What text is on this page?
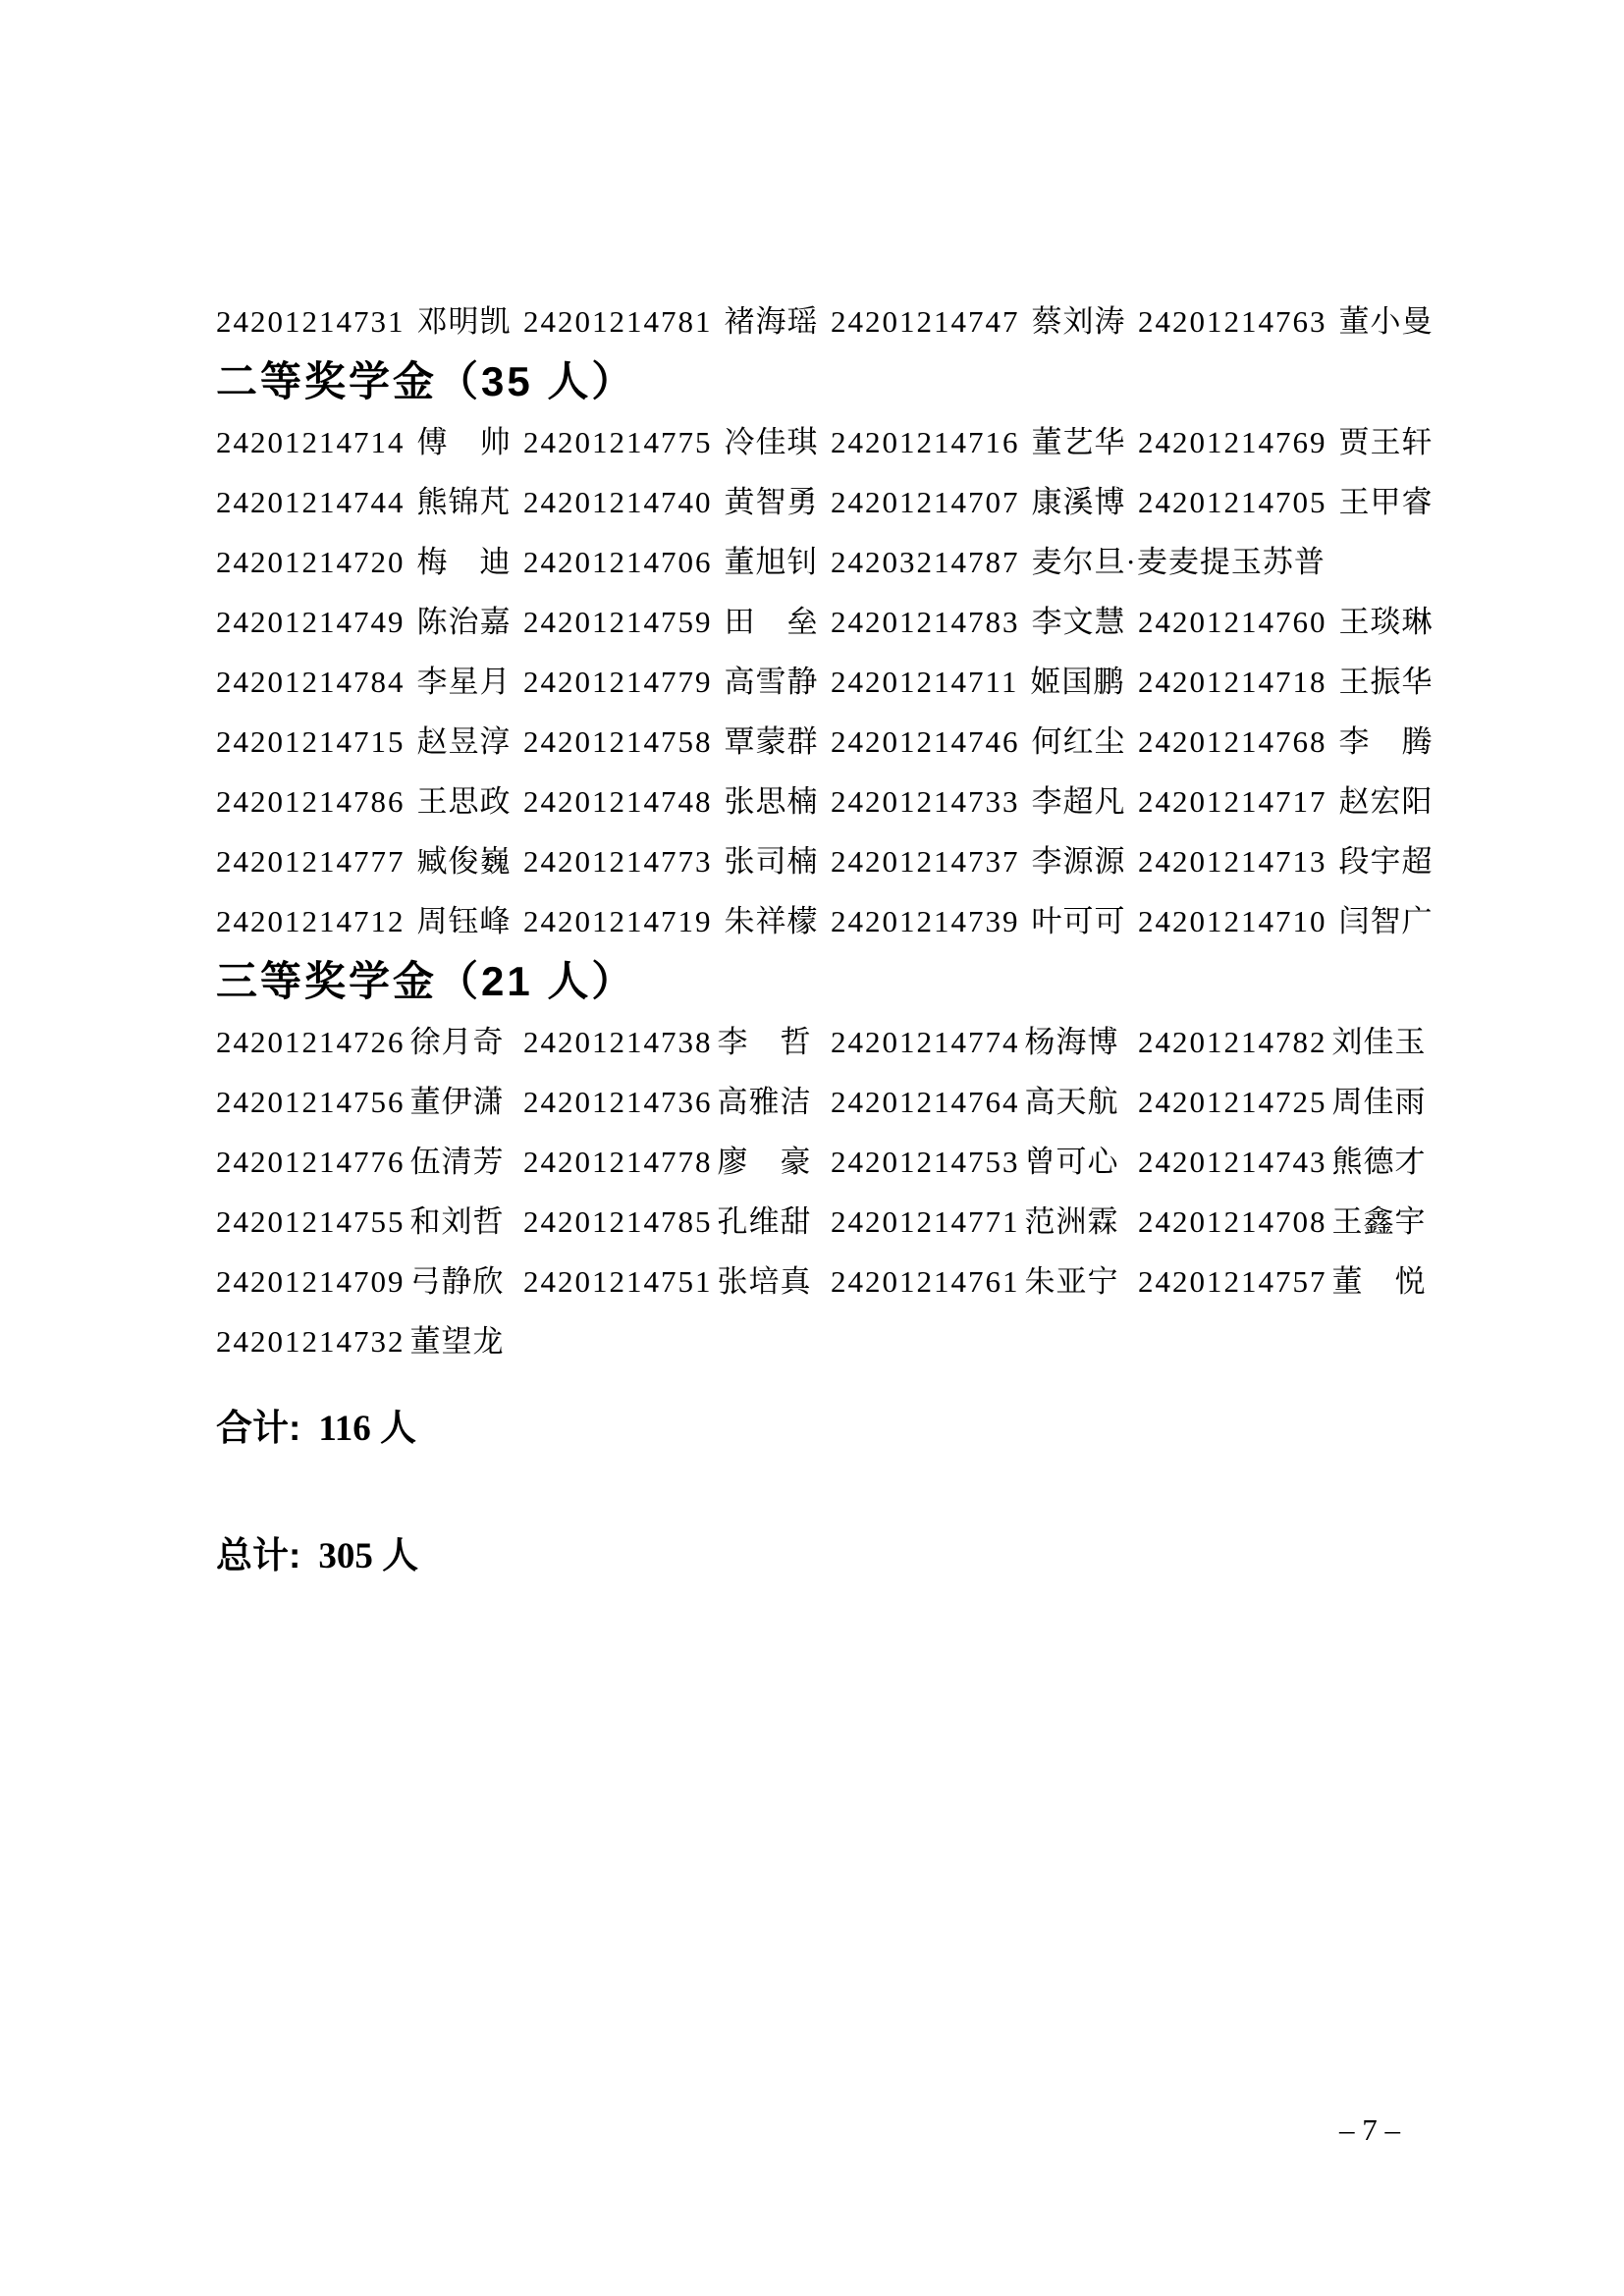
24201214731 邓明凯 24201214781 褚海瑶 24201214747 蔡刘涛 24201214763 董小曼
二等奖学金（35 人）
24201214714 傅　帅 24201214775 冷佳琪 24201214716 董艺华 24201214769 贾王轩
24201214744 熊锦芃 24201214740 黄智勇 24201214707 康溪博 24201214705 王甲睿
24201214720 梅　迪 24201214706 董旭钊 24203214787 麦尔旦·麦麦提玉苏普
24201214749 陈治嘉 24201214759 田　垒 24201214783 李文慧 24201214760 王琰琳
24201214784 李星月 24201214779 高雪静 24201214711 姬国鹏 24201214718 王振华
24201214715 赵昱淳 24201214758 覃蒙群 24201214746 何红尘 24201214768 李　腾
24201214786 王思政 24201214748 张思楠 24201214733 李超凡 24201214717 赵宏阳
24201214777 臧俊巍 24201214773 张司楠 24201214737 李源源 24201214713 段宇超
24201214712 周钰峰 24201214719 朱祥檬 24201214739 叶可可 24201214710 闫智广
三等奖学金（21 人）
24201214726 徐月奇 24201214738 李　哲 24201214774 杨海博 24201214782 刘佳玉
24201214756 董伊潇 24201214736 高雅洁 24201214764 高天航 24201214725 周佳雨
24201214776 伍清芳 24201214778 廖　豪 24201214753 曾可心 24201214743 熊德才
24201214755 和刘哲 24201214785 孔维甜 24201214771 范洲霖 24201214708 王鑫宇
24201214709 弓静欣 24201214751 张培真 24201214761 朱亚宁 24201214757 董　悦
24201214732 董望龙
合计: 116 人
总计: 305 人
– 7 –
